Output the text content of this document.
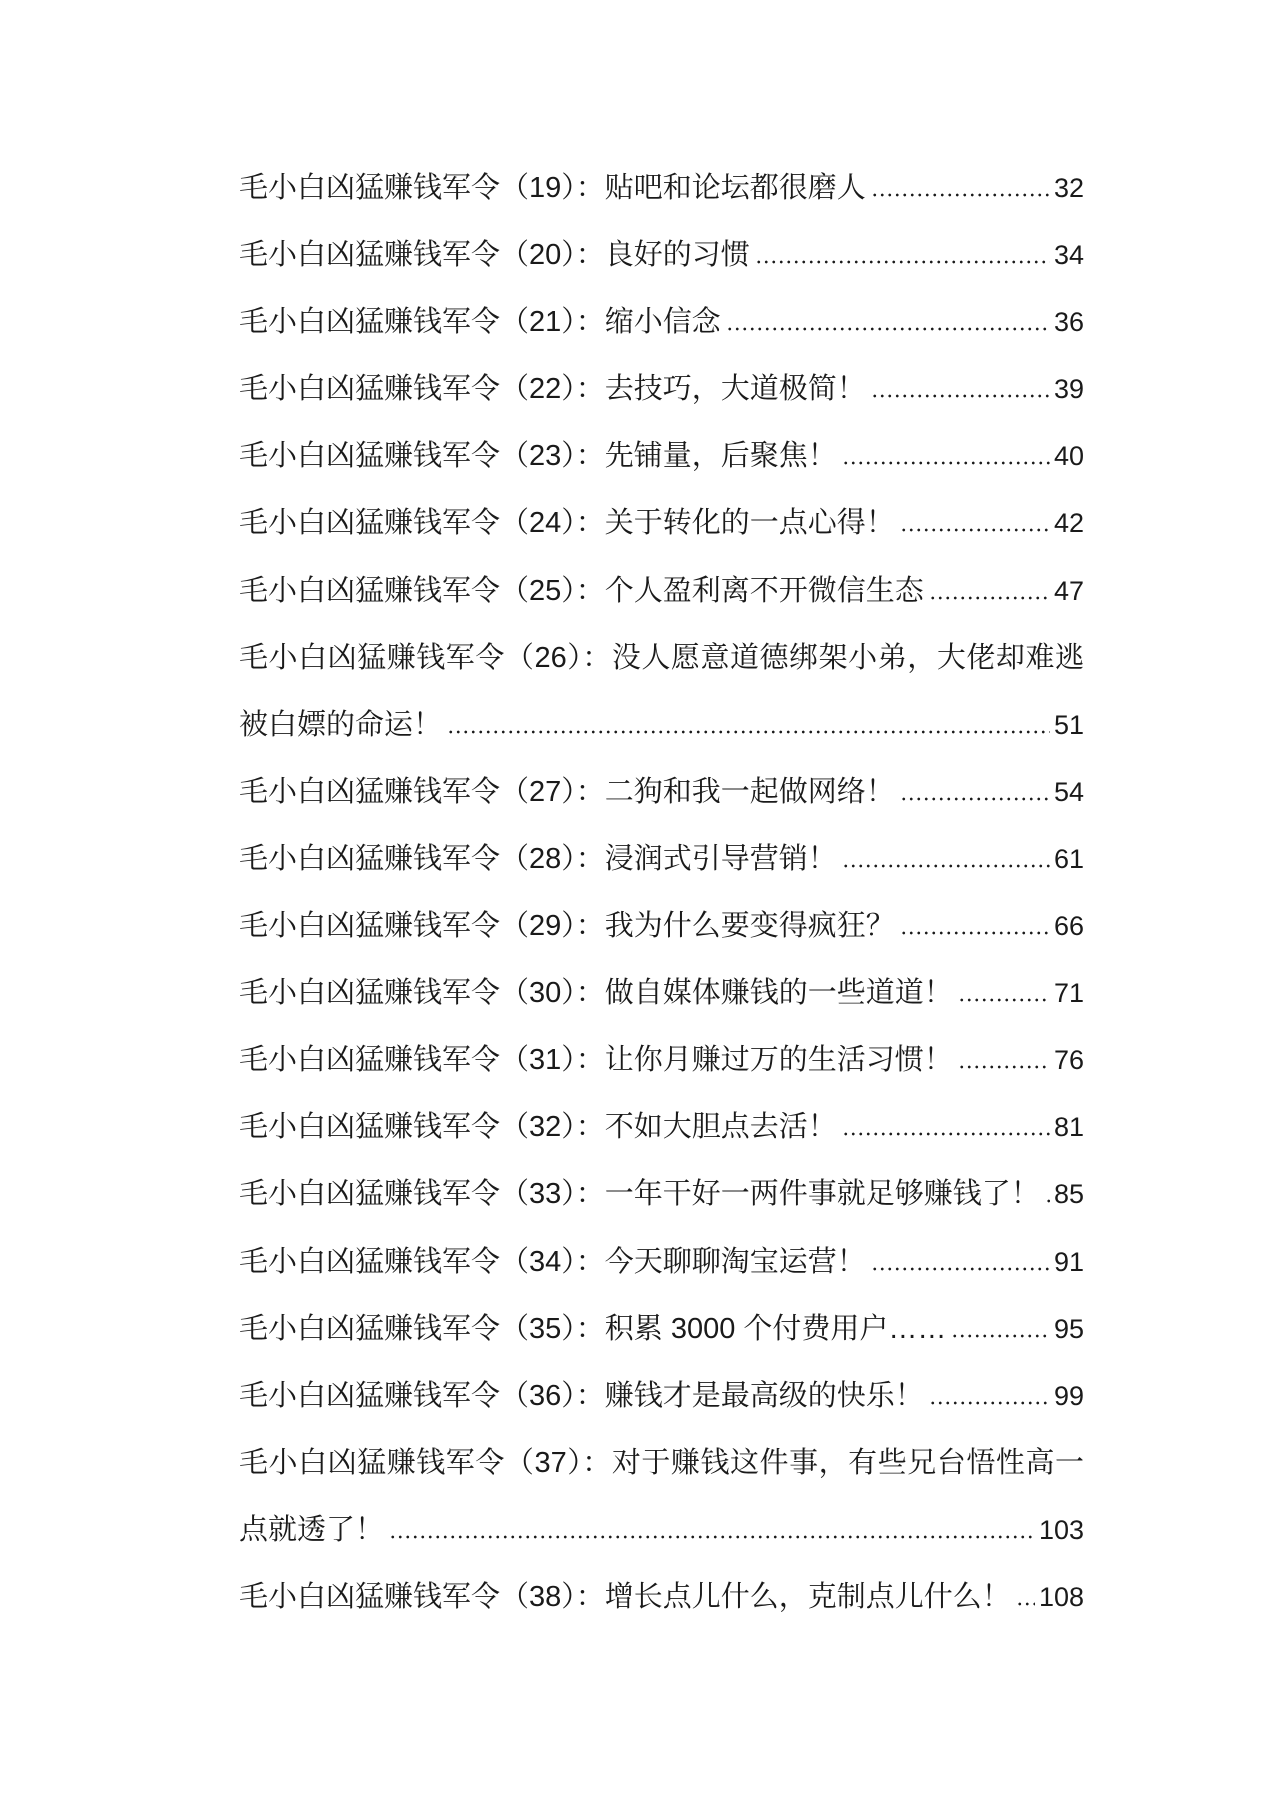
毛小白凶猛赚钱军令（19）：贴吧和论坛都很磨人	32
毛小白凶猛赚钱军令（20）：良好的习惯	34
毛小白凶猛赚钱军令（21）：缩小信念	36
毛小白凶猛赚钱军令（22）：去技巧，大道极简！	39
毛小白凶猛赚钱军令（23）：先铺量，后聚焦！	40
毛小白凶猛赚钱军令（24）：关于转化的一点心得！	42
毛小白凶猛赚钱军令（25）：个人盈利离不开微信生态	47
毛小白凶猛赚钱军令（26）：没人愿意道德绑架小弟，大佬却难逃
被白嫖的命运！	51
毛小白凶猛赚钱军令（27）：二狗和我一起做网络！	54
毛小白凶猛赚钱军令（28）：浸润式引导营销！	61
毛小白凶猛赚钱军令（29）：我为什么要变得疯狂？	66
毛小白凶猛赚钱军令（30）：做自媒体赚钱的一些道道！	71
毛小白凶猛赚钱军令（31）：让你月赚过万的生活习惯！	76
毛小白凶猛赚钱军令（32）：不如大胆点去活！	81
毛小白凶猛赚钱军令（33）：一年干好一两件事就足够赚钱了！ 85
毛小白凶猛赚钱军令（34）：今天聊聊淘宝运营！	91
毛小白凶猛赚钱军令（35）：积累 3000 个付费用户……	95
毛小白凶猛赚钱军令（36）：赚钱才是最高级的快乐！	99
毛小白凶猛赚钱军令（37）：对于赚钱这件事，有些兄台悟性高一
点就透了！	103
毛小白凶猛赚钱军令（38）：增长点儿什么，克制点儿什么！ 108
